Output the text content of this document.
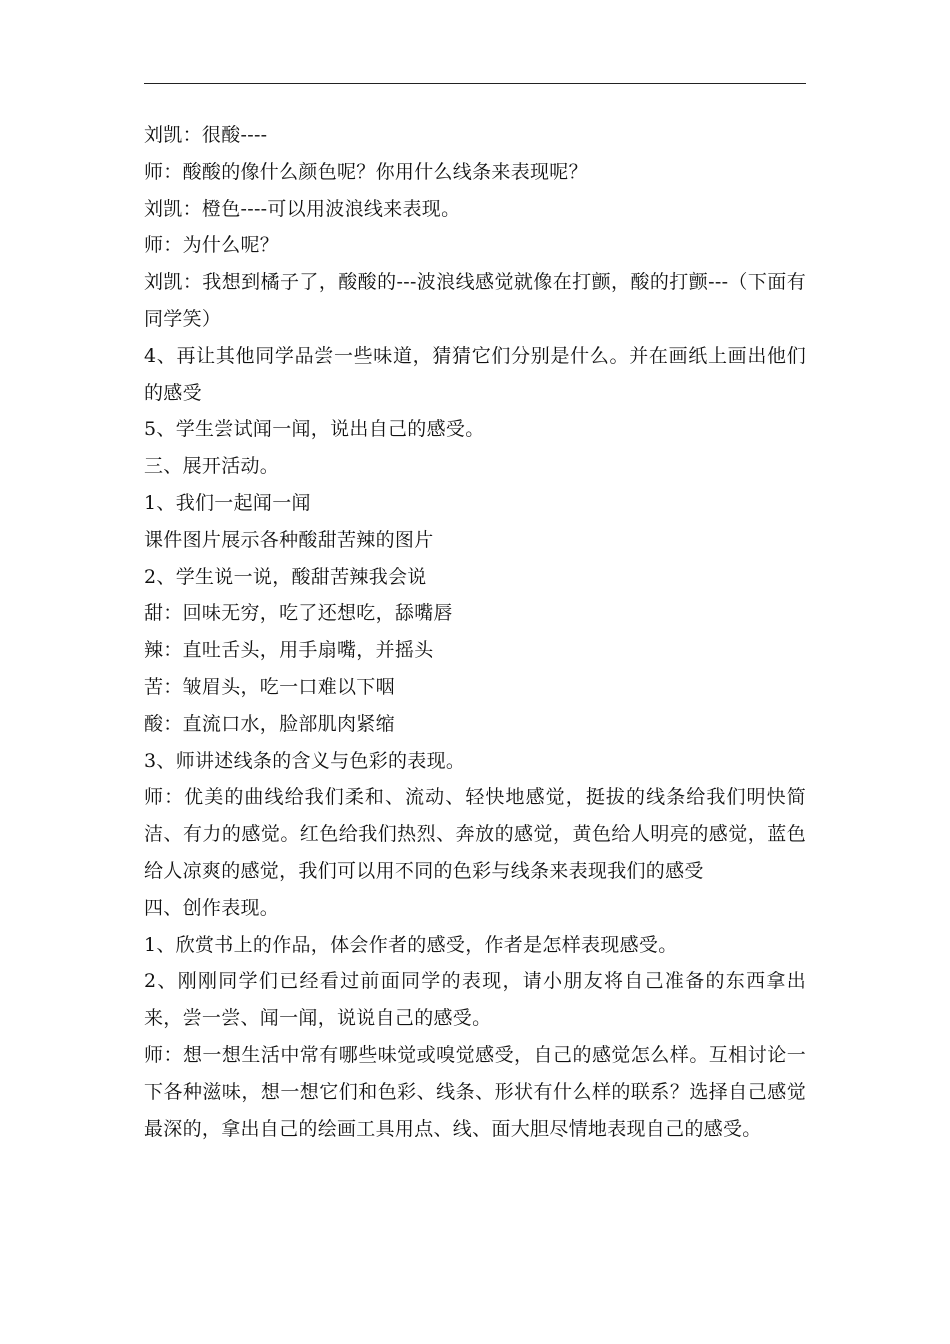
刘凯：很酸----

师：酸酸的像什么颜色呢？你用什么线条来表现呢？

刘凯：橙色----可以用波浪线来表现。

师：为什么呢？

刘凯：我想到橘子了，酸酸的---波浪线感觉就像在打颤，酸的打颤---（下面有同学笑）

4、再让其他同学品尝一些味道，猜猜它们分别是什么。并在画纸上画出他们的感受

5、学生尝试闻一闻，说出自己的感受。

三、展开活动。

1、我们一起闻一闻

课件图片展示各种酸甜苦辣的图片

2、学生说一说，酸甜苦辣我会说

甜：回味无穷，吃了还想吃，舔嘴唇

辣：直吐舌头，用手扇嘴，并摇头

苦：皱眉头，吃一口难以下咽

酸：直流口水，脸部肌肉紧缩

3、师讲述线条的含义与色彩的表现。

师：优美的曲线给我们柔和、流动、轻快地感觉，挺拔的线条给我们明快简洁、有力的感觉。红色给我们热烈、奔放的感觉，黄色给人明亮的感觉，蓝色给人凉爽的感觉，我们可以用不同的色彩与线条来表现我们的感受

四、创作表现。

1、欣赏书上的作品，体会作者的感受，作者是怎样表现感受。

2、刚刚同学们已经看过前面同学的表现，请小朋友将自己准备的东西拿出来，尝一尝、闻一闻，说说自己的感受。

师：想一想生活中常有哪些味觉或嗅觉感受，自己的感觉怎么样。互相讨论一下各种滋味，想一想它们和色彩、线条、形状有什么样的联系？选择自己感觉最深的，拿出自己的绘画工具用点、线、面大胆尽情地表现自己的感受。
